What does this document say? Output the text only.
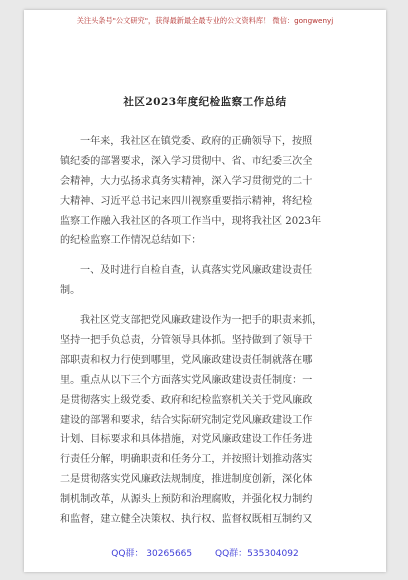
关注头条号"公文研究"，获得最新最全最专业的公文资料库！ 微信：gongwenyj
社区2023年度纪检监察工作总结
一年来，我社区在镇党委、政府的正确领导下，按照
镇纪委的部署要求，深入学习贯彻中、省、市纪委三次全
会精神，大力弘扬求真务实精神，深入学习贯彻党的二十
大精神、习近平总书记来四川视察重要指示精神，将纪检
监察工作融入我社区的各项工作当中，现将我社区 2023年
的纪检监察工作情况总结如下：
一、及时进行自检自查，认真落实党风廉政建设责任
制。
我社区党支部把党风廉政建设作为一把手的职责来抓，
坚持一把手负总责，分管领导具体抓。坚持做到了领导干
部职责和权力行使到哪里，党风廉政建设责任制就落在哪
里。重点从以下三个方面落实党风廉政建设责任制度：一
是贯彻落实上级党委、政府和纪检监察机关关于党风廉政
建设的部署和要求，结合实际研究制定党风廉政建设工作
计划、目标要求和具体措施，对党风廉政建设工作任务进
行责任分解，明确职责和任务分工，并按照计划推动落实
二是贯彻落实党风廉政法规制度，推进制度创新，深化体
制机制改革，从源头上预防和治理腐败，并强化权力制约
和监督，建立健全决策权、执行权、监督权既相互制约又
QQ群： 30265665	QQ群：535304092
